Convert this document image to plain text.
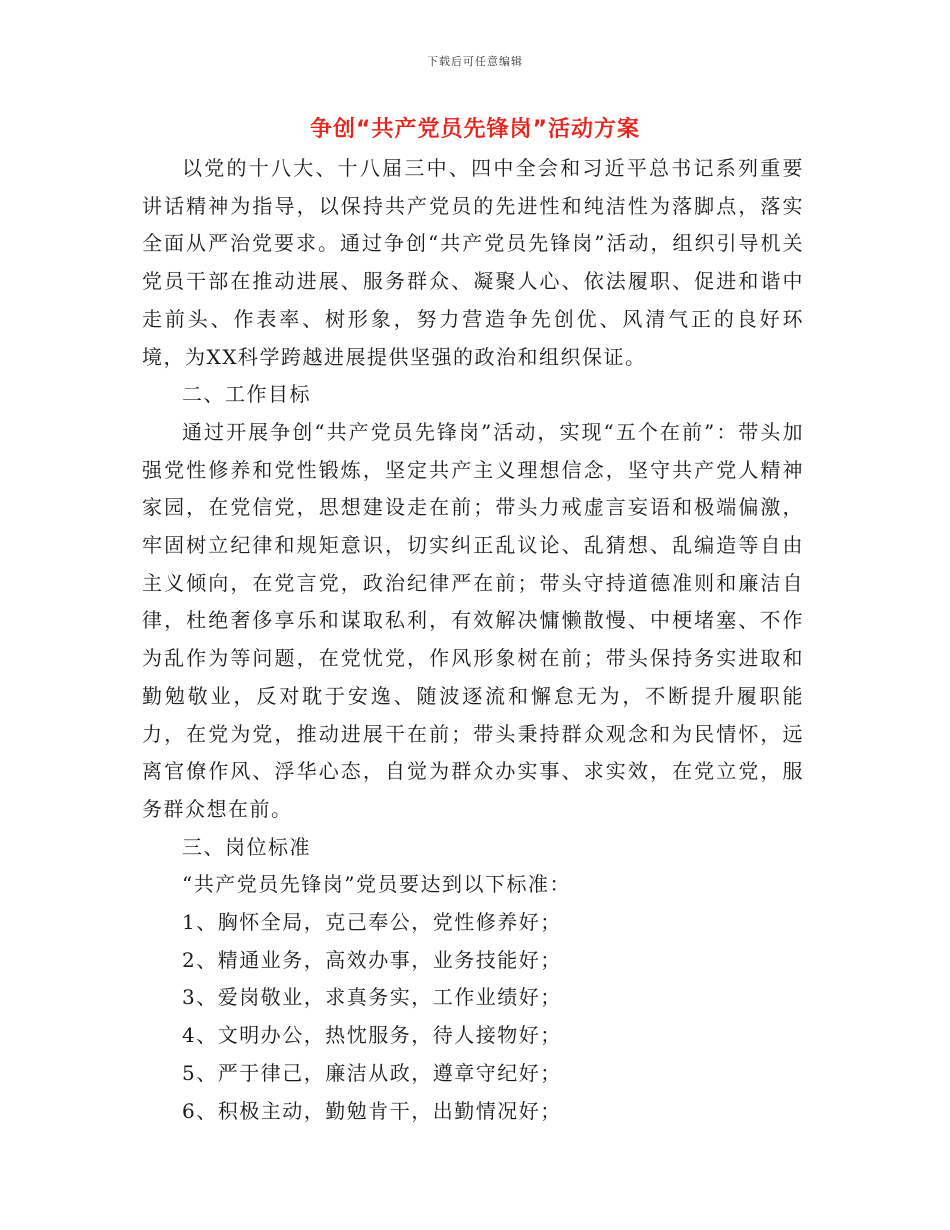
下载后可任意编辑
争创“共产党员先锋岗”活动方案

以党的十八大、十八届三中、四中全会和习近平总书记系列重要讲话精神为指导，以保持共产党员的先进性和纯洁性为落脚点，落实全面从严治党要求。通过争创“共产党员先锋岗”活动，组织引导机关党员干部在推动进展、服务群众、凝聚人心、依法履职、促进和谐中走前头、作表率、树形象，努力营造争先创优、风清气正的良好环境，为XX科学跨越进展提供坚强的政治和组织保证。

二、工作目标

通过开展争创“共产党员先锋岗”活动，实现“五个在前”：带头加强党性修养和党性锻炼，坚定共产主义理想信念，坚守共产党人精神家园，在党信党，思想建设走在前；带头力戒虚言妄语和极端偏激，牢固树立纪律和规矩意识，切实纠正乱议论、乱猜想、乱编造等自由主义倾向，在党言党，政治纪律严在前；带头守持道德准则和廉洁自律，杜绝奢侈享乐和谋取私利，有效解决慵懒散慢、中梗堵塞、不作为乱作为等问题，在党忧党，作风形象树在前；带头保持务实进取和勤勉敬业，反对耽于安逸、随波逐流和懈怠无为，不断提升履职能力，在党为党，推动进展干在前；带头秉持群众观念和为民情怀，远离官僚作风、浮华心态，自觉为群众办实事、求实效，在党立党，服务群众想在前。

三、岗位标准

“共产党员先锋岗”党员要达到以下标准：

1、胸怀全局，克己奉公，党性修养好；

2、精通业务，高效办事，业务技能好；

3、爱岗敬业，求真务实，工作业绩好；

4、文明办公，热忱服务，待人接物好；

5、严于律己，廉洁从政，遵章守纪好；

6、积极主动，勤勉肯干，出勤情况好；
